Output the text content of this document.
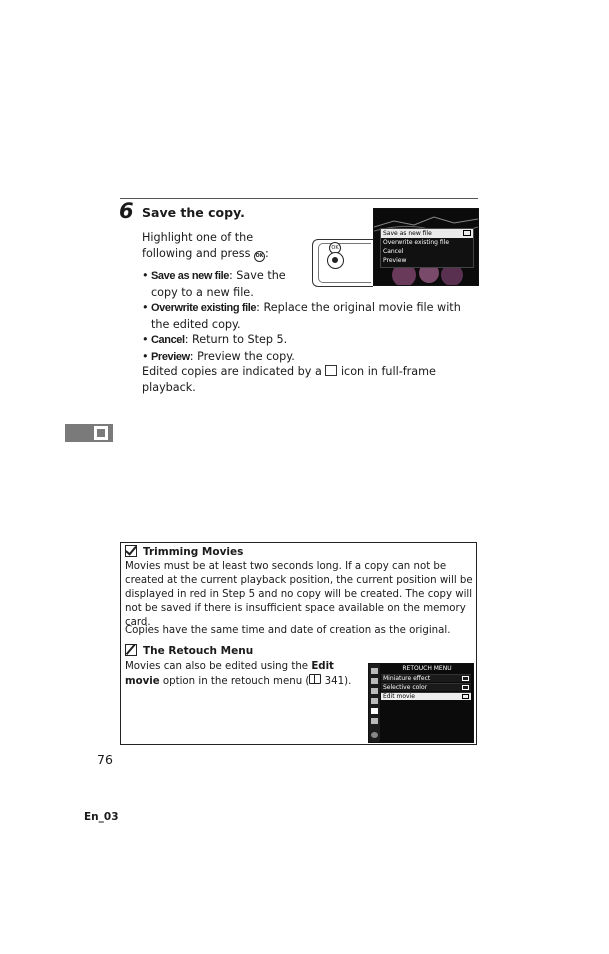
6 Save the copy.
Highlight one of the following and press OK:
• Save as new file: Save the copy to a new file.
• Overwrite existing file: Replace the original movie file with the edited copy.
• Cancel: Return to Step 5.
• Preview: Preview the copy.
Edited copies are indicated by a icon in full-frame playback.
OK
Save as new file
Overwrite existing file
Cancel
Preview
Trimming Movies
Movies must be at least two seconds long. If a copy can not be created at the current playback position, the current position will be displayed in red in Step 5 and no copy will be created. The copy will not be saved if there is insufficient space available on the memory card.
Copies have the same time and date of creation as the original.
The Retouch Menu
Movies can also be edited using the Edit movie option in the retouch menu ( 341).
RETOUCH MENU
Miniature effect
Selective color
Edit movie
76
En_03
